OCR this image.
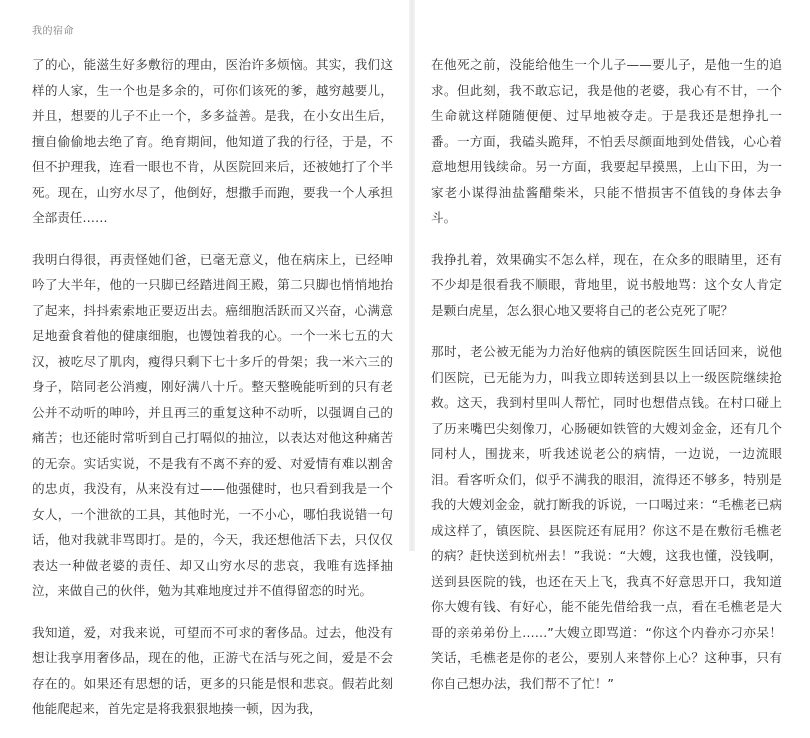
我的宿命

了的心，能滋生好多敷衍的理由，医治许多烦恼。其实，我们这样的人家，生一个也是多余的，可你们该死的爹，越穷越要儿，并且，想要的儿子不止一个，多多益善。是我，在小女出生后，擅自偷偷地去绝了育。绝育期间，他知道了我的行径，于是，不但不护理我，连看一眼也不肯，从医院回来后，还被她打了个半死。现在，山穷水尽了，他倒好，想撒手而跑，要我一个人承担全部责任……

我明白得很，再责怪她们爸，已毫无意义，他在病床上，已经呻吟了大半年，他的一只脚已经踏进阎王殿，第二只脚也悄悄地抬了起来，抖抖索索地正要迈出去。癌细胞活跃而又兴奋，心满意足地蚕食着他的健康细胞，也馒蚀着我的心。一个一米七五的大汉，被吃尽了肌肉，瘦得只剩下七十多斤的骨架；我一米六三的身子，陪同老公消瘦，刚好满八十斤。整天整晚能听到的只有老公并不动听的呻吟，并且再三的重复这种不动听，以强调自己的痛苦；也还能时常听到自己打嗝似的抽泣，以表达对他这种痛苦的无奈。实话实说，不是我有不离不弃的爱、对爱情有难以割舍的忠贞，我没有，从来没有过——他强健时，也只看到我是一个女人，一个泄欲的工具，其他时光，一不小心，哪怕我说错一句话，他对我就非骂即打。是的，今天，我还想他活下去，只仅仅表达一种做老婆的责任、却又山穷水尽的悲哀，我唯有选择抽泣，来做自己的伙伴，勉为其难地度过并不值得留恋的时光。

我知道，爱，对我来说，可望而不可求的奢侈品。过去，他没有想让我享用奢侈品，现在的他，正游弋在活与死之间，爱是不会存在的。如果还有思想的话，更多的只能是恨和悲哀。假若此刻他能爬起来，首先定是将我狠狠地揍一顿，因为我，

在他死之前，没能给他生一个儿子——要儿子，是他一生的追求。但此刻，我不敢忘记，我是他的老婆，我心有不甘，一个生命就这样随随便便、过早地被夺走。于是我还是想挣扎一番。一方面，我磕头跪拜，不怕丢尽颜面地到处借钱，心心着意地想用钱续命。另一方面，我要起早摸黑，上山下田，为一家老小谋得油盐酱醋柴米，只能不惜损害不值钱的身体去争斗。

我挣扎着，效果确实不怎么样，现在，在众多的眼睛里，还有不少却是很看我不顺眼，背地里，说书般地骂：这个女人肯定是颗白虎星，怎么狠心地又要将自己的老公克死了呢？

那时，老公被无能为力治好他病的镇医院医生回话回来，说他们医院，已无能为力，叫我立即转送到县以上一级医院继续抢救。这天，我到村里叫人帮忙，同时也想借点钱。在村口碰上了历来嘴巴尖刻像刀，心肠硬如铁管的大嫂刘金金，还有几个同村人，围拢来，听我述说老公的病情，一边说，一边流眼泪。看客听众们，似乎不满我的眼泪，流得还不够多，特别是我的大嫂刘金金，就打断我的诉说，一口喝过来：“毛樵老已病成这样了，镇医院、县医院还有屁用？你这不是在敷衍毛樵老的病？赶快送到杭州去！”我说：“大嫂，这我也懂，没钱啊，送到县医院的钱，也还在天上飞，我真不好意思开口，我知道你大嫂有钱、有好心，能不能先借给我一点，看在毛樵老是大哥的亲弟弟份上……”大嫂立即骂道：“你这个内眷亦刁亦呆！笑话，毛樵老是你的老公，要别人来替你上心？这种事，只有你自己想办法，我们帮不了忙！”
